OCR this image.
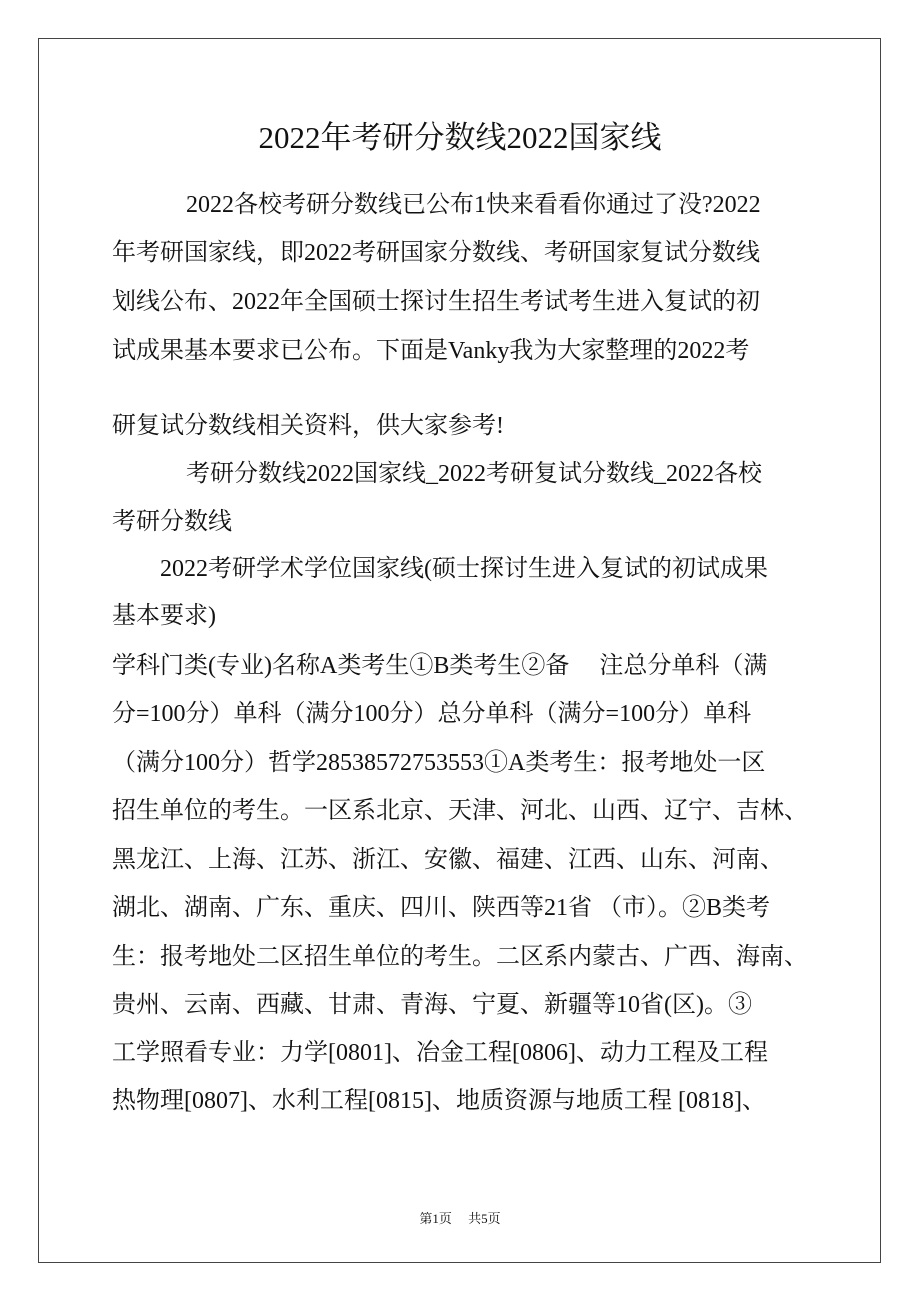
2022年考研分数线2022国家线
2022各校考研分数线已公布1快来看看你通过了没?2022
年考研国家线，即2022考研国家分数线、考研国家复试分数线
划线公布、2022年全国硕士探讨生招生考试考生进入复试的初
试成果基本要求已公布。下面是Vanky我为大家整理的2022考
研复试分数线相关资料，供大家参考!
考研分数线2022国家线_2022考研复试分数线_2022各校
考研分数线
2022考研学术学位国家线(硕士探讨生进入复试的初试成果
基本要求)
学科门类(专业)名称A类考生①B类考生②备　 注总分单科（满
分=100分）单科（满分100分）总分单科（满分=100分）单科
（满分100分）哲学28538572753553①A类考生：报考地处一区
招生单位的考生。一区系北京、天津、河北、山西、辽宁、吉林、
黑龙江、上海、江苏、浙江、安徽、福建、江西、山东、河南、
湖北、湖南、广东、重庆、四川、陕西等21省 （市）。②B类考
生：报考地处二区招生单位的考生。二区系内蒙古、广西、海南、
贵州、云南、西藏、甘肃、青海、宁夏、新疆等10省(区)。③
工学照看专业：力学[0801]、冶金工程[0806]、动力工程及工程
热物理[0807]、水利工程[0815]、地质资源与地质工程 [0818]、
第1页　 共5页
